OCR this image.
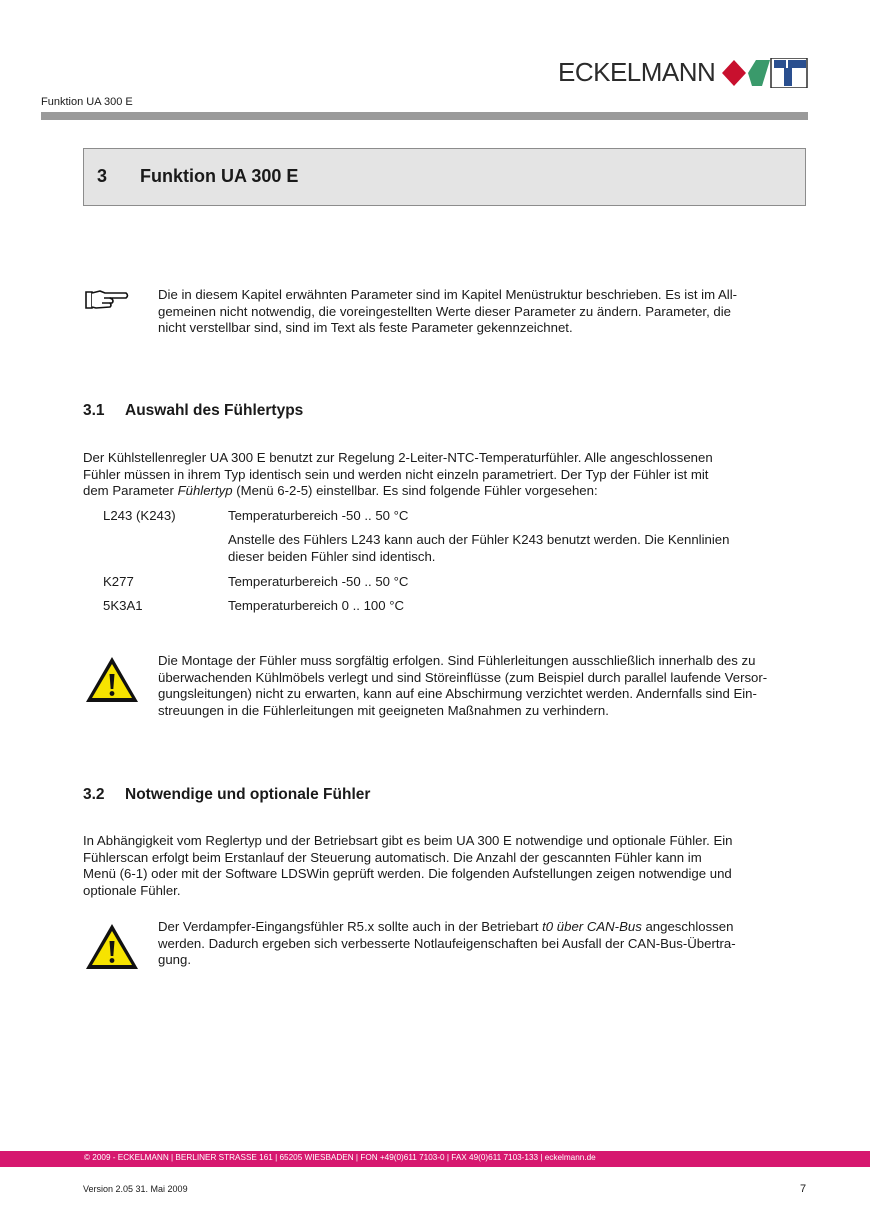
ECKELMANN
Funktion UA 300 E
3 Funktion UA 300 E
Die in diesem Kapitel erwähnten Parameter sind im Kapitel Menüstruktur beschrieben. Es ist im All-
gemeinen nicht notwendig, die voreingestellten Werte dieser Parameter zu ändern. Parameter, die
nicht verstellbar sind, sind im Text als feste Parameter gekennzeichnet.
3.1 Auswahl des Fühlertyps
Der Kühlstellenregler UA 300 E benutzt zur Regelung 2-Leiter-NTC-Temperaturfühler. Alle angeschlossenen
Fühler müssen in ihrem Typ identisch sein und werden nicht einzeln parametriert. Der Typ der Fühler ist mit
dem Parameter Fühlertyp (Menü 6-2-5) einstellbar. Es sind folgende Fühler vorgesehen:
L243 (K243)	Temperaturbereich -50 .. 50 °C
Anstelle des Fühlers L243 kann auch der Fühler K243 benutzt werden. Die Kennlinien
dieser beiden Fühler sind identisch.
K277	Temperaturbereich -50 .. 50 °C
5K3A1	Temperaturbereich 0 .. 100 °C
Die Montage der Fühler muss sorgfältig erfolgen. Sind Fühlerleitungen ausschließlich innerhalb des zu
überwachenden Kühlmöbels verlegt und sind Störeinflüsse (zum Beispiel durch parallel laufende Versor-
gungsleitungen) nicht zu erwarten, kann auf eine Abschirmung verzichtet werden. Andernfalls sind Ein-
streuungen in die Fühlerleitungen mit geeigneten Maßnahmen zu verhindern.
3.2 Notwendige und optionale Fühler
In Abhängigkeit vom Reglertyp und der Betriebsart gibt es beim UA 300 E notwendige und optionale Fühler. Ein
Fühlerscan erfolgt beim Erstanlauf der Steuerung automatisch. Die Anzahl der gescannten Fühler kann im
Menü (6-1) oder mit der Software LDSWin geprüft werden. Die folgenden Aufstellungen zeigen notwendige und
optionale Fühler.
Der Verdampfer-Eingangsfühler R5.x sollte auch in der Betriebart t0 über CAN-Bus angeschlossen
werden. Dadurch ergeben sich verbesserte Notlaufeigenschaften bei Ausfall der CAN-Bus-Übertra-
gung.
© 2009 - ECKELMANN | BERLINER STRASSE 161 | 65205 WIESBADEN | FON +49(0)611 7103-0 | FAX 49(0)611 7103-133 | eckelmann.de
Version 2.05 31. Mai 2009	7
